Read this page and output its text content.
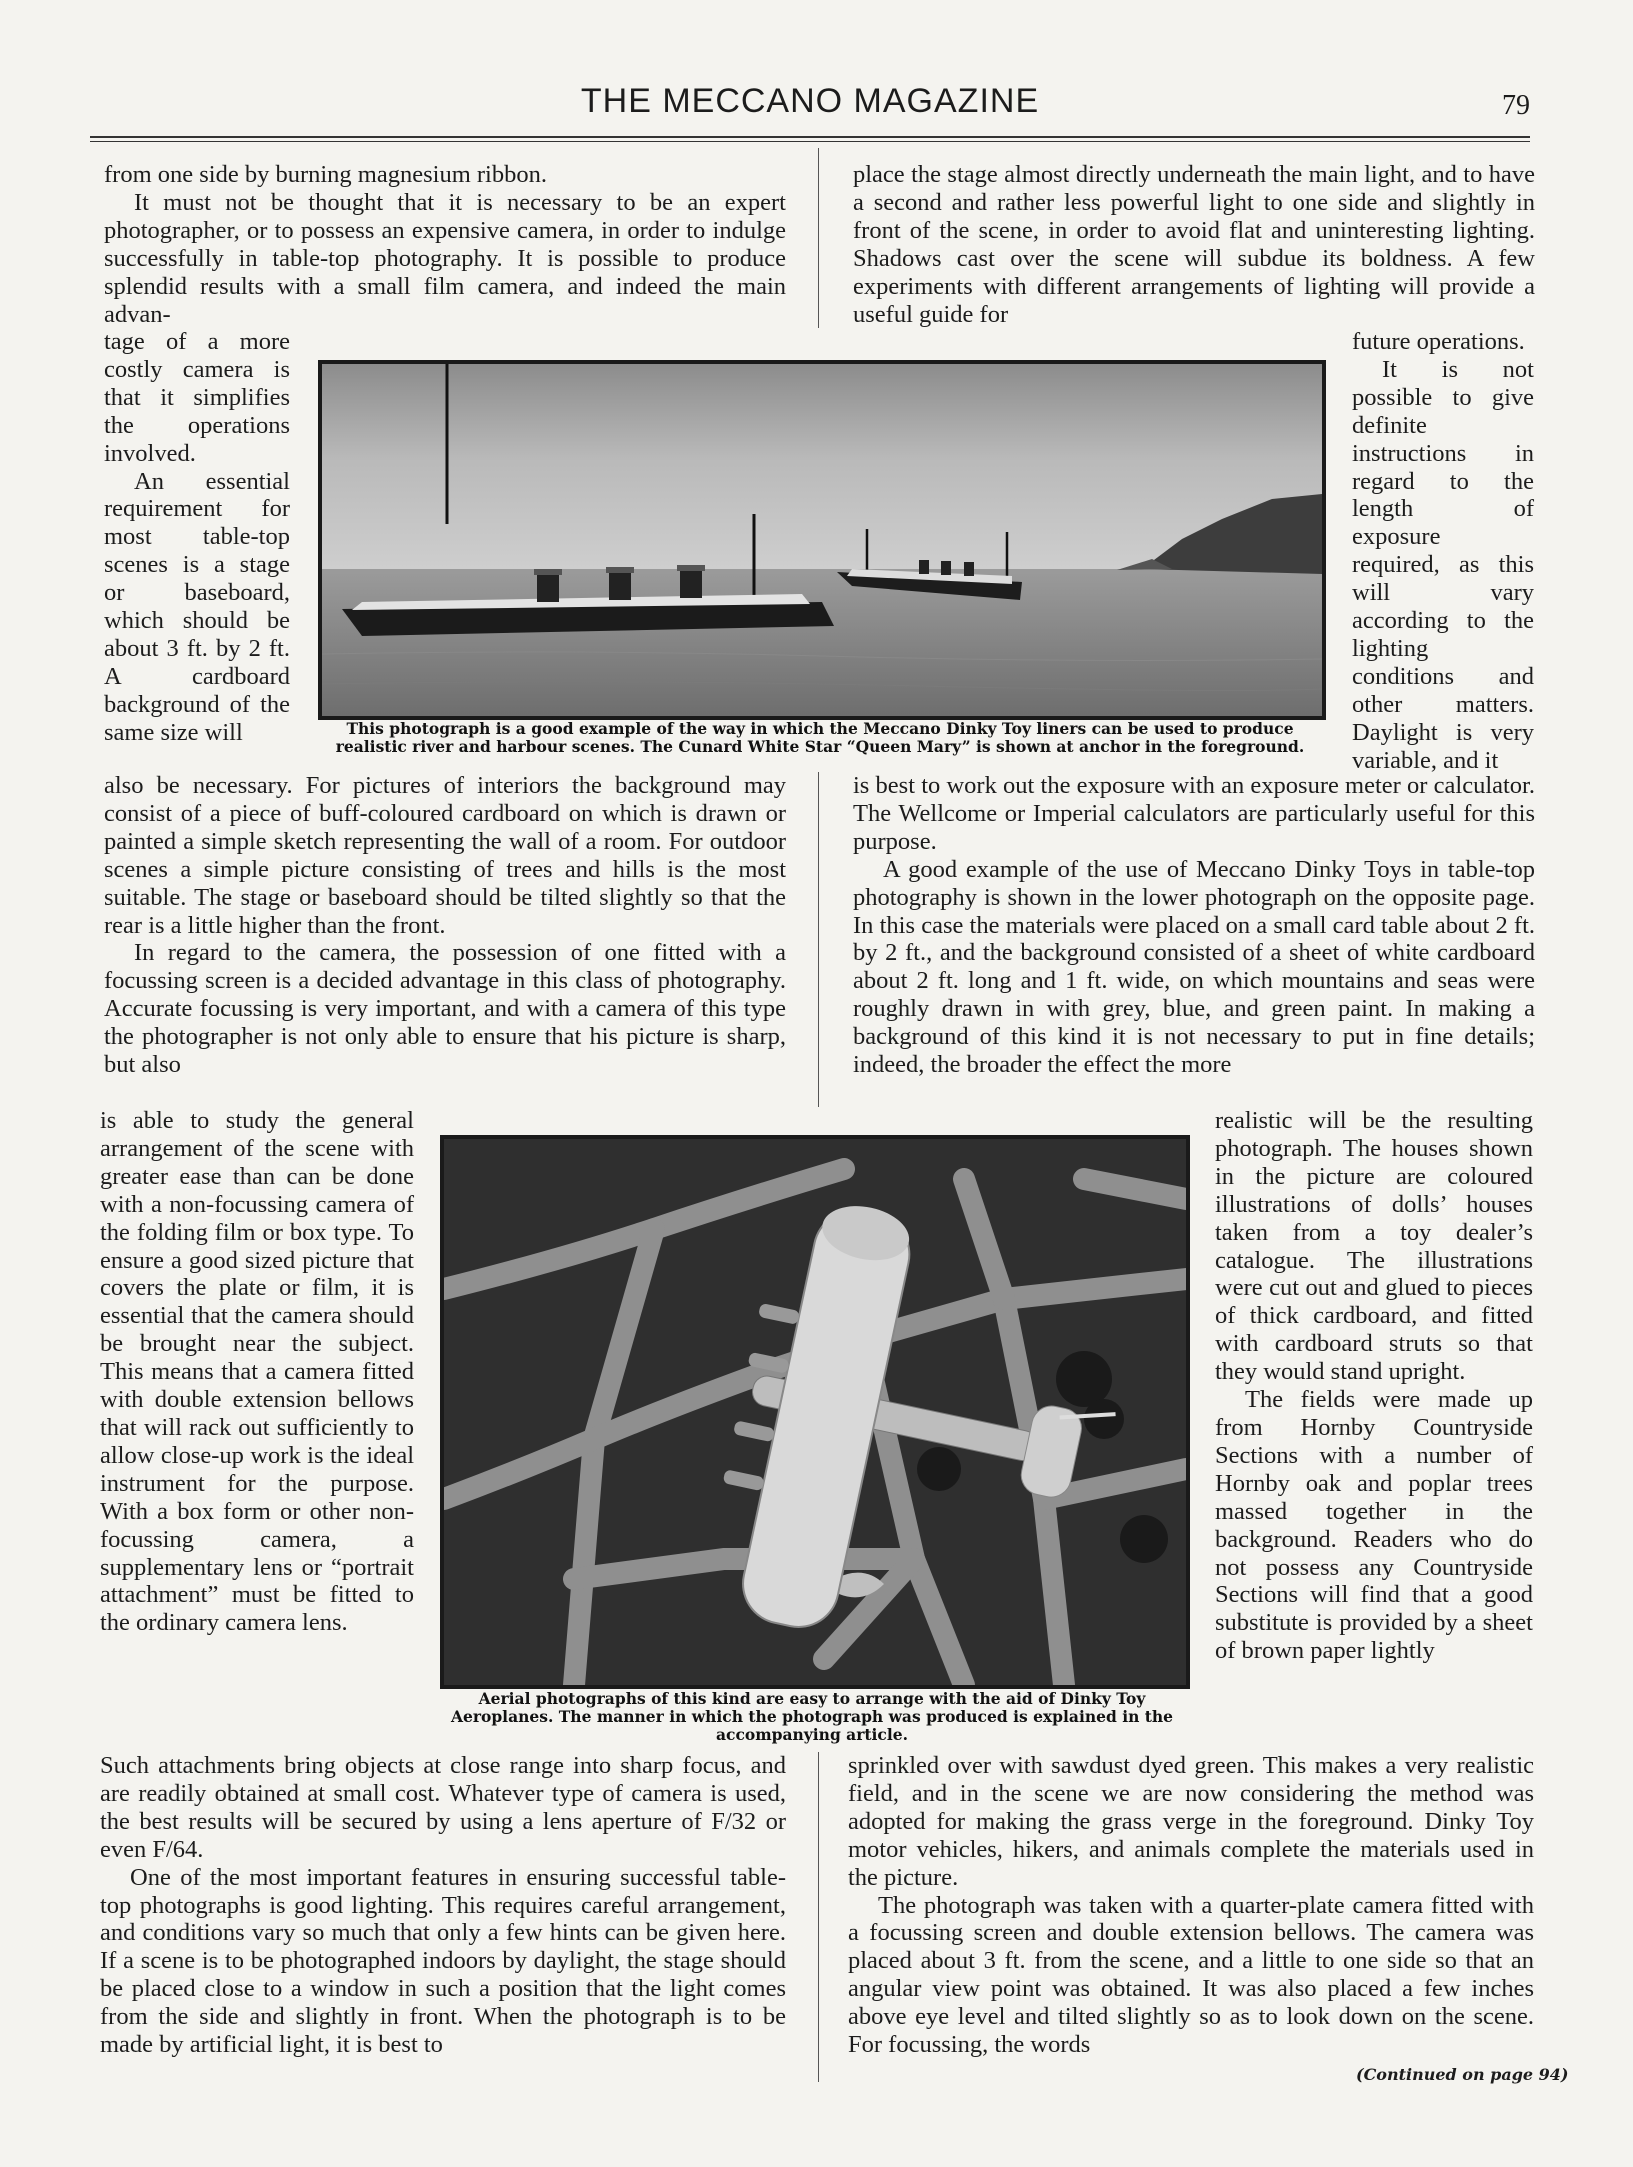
THE MECCANO MAGAZINE	79

from one side by burning magnesium ribbon.

It must not be thought that it is necessary to be an expert photographer, or to possess an expensive camera, in order to indulge successfully in table-top photography. It is possible to produce splendid results with a small film camera, and indeed the main advan-

tage of a more costly camera is that it simplifies the operations involved.

An essential requirement for most table-top scenes is a stage or baseboard, which should be about 3 ft. by 2 ft. A cardboard background of the same size will

also be necessary. For pictures of interiors the background may consist of a piece of buff-coloured cardboard on which is drawn or painted a simple sketch representing the wall of a room. For outdoor scenes a simple picture consisting of trees and hills is the most suitable. The stage or baseboard should be tilted slightly so that the rear is a little higher than the front.

In regard to the camera, the possession of one fitted with a focussing screen is a decided advantage in this class of photography. Accurate focussing is very important, and with a camera of this type the photographer is not only able to ensure that his picture is sharp, but also

is able to study the general arrangement of the scene with greater ease than can be done with a non-focussing camera of the folding film or box type. To ensure a good sized picture that covers the plate or film, it is essential that the camera should be brought near the subject. This means that a camera fitted with double extension bellows that will rack out sufficiently to allow close-up work is the ideal instrument for the purpose. With a box form or other non-focussing camera, a supplementary lens or “portrait attachment” must be fitted to the ordinary camera lens.

Such attachments bring objects at close range into sharp focus, and are readily obtained at small cost. Whatever type of camera is used, the best results will be secured by using a lens aperture of F/32 or even F/64.

One of the most important features in ensuring successful table-top photographs is good lighting. This requires careful arrangement, and conditions vary so much that only a few hints can be given here. If a scene is to be photographed indoors by daylight, the stage should be placed close to a window in such a position that the light comes from the side and slightly in front. When the photograph is to be made by artificial light, it is best to

place the stage almost directly underneath the main light, and to have a second and rather less powerful light to one side and slightly in front of the scene, in order to avoid flat and uninteresting lighting. Shadows cast over the scene will subdue its boldness. A few experiments with different arrangements of lighting will provide a useful guide for

future operations.

It is not possible to give definite instructions in regard to the length of exposure required, as this will vary according to the lighting conditions and other matters. Daylight is very variable, and it

is best to work out the exposure with an exposure meter or calculator. The Wellcome or Imperial calculators are particularly useful for this purpose.

A good example of the use of Meccano Dinky Toys in table-top photography is shown in the lower photograph on the opposite page. In this case the materials were placed on a small card table about 2 ft. by 2 ft., and the background consisted of a sheet of white cardboard about 2 ft. long and 1 ft. wide, on which mountains and seas were roughly drawn in with grey, blue, and green paint. In making a background of this kind it is not necessary to put in fine details; indeed, the broader the effect the more

realistic will be the resulting photograph. The houses shown in the picture are coloured illustrations of dolls’ houses taken from a toy dealer’s catalogue. The illustrations were cut out and glued to pieces of thick cardboard, and fitted with cardboard struts so that they would stand upright.

The fields were made up from Hornby Countryside Sections with a number of Hornby oak and poplar trees massed together in the background. Readers who do not possess any Countryside Sections will find that a good substitute is provided by a sheet of brown paper lightly

sprinkled over with sawdust dyed green. This makes a very realistic field, and in the scene we are now considering the method was adopted for making the grass verge in the foreground. Dinky Toy motor vehicles, hikers, and animals complete the materials used in the picture.

The photograph was taken with a quarter-plate camera fitted with a focussing screen and double extension bellows. The camera was placed about 3 ft. from the scene, and a little to one side so that an angular view point was obtained. It was also placed a few inches above eye level and tilted slightly so as to look down on the scene. For focussing, the words

(Continued on page 94)
This photograph is a good example of the way in which the Meccano Dinky Toy liners can be used to produce realistic river and harbour scenes. The Cunard White Star “Queen Mary” is shown at anchor in the foreground.
Aerial photographs of this kind are easy to arrange with the aid of Dinky Toy Aeroplanes. The manner in which the photograph was produced is explained in the accompanying article.
